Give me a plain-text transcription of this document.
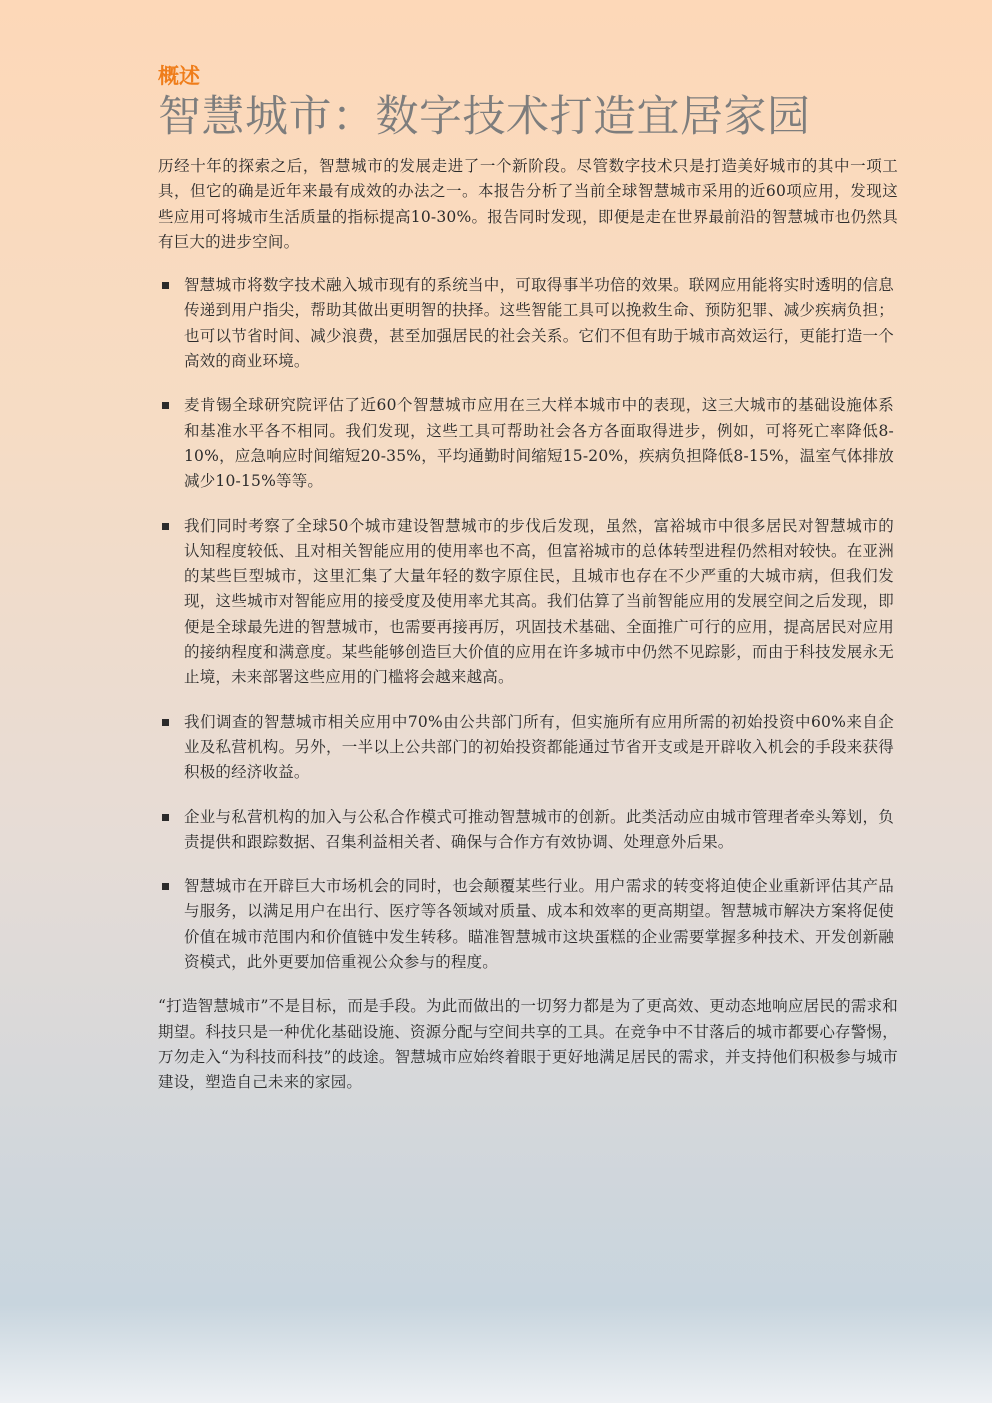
概述
智慧城市：数字技术打造宜居家园

历经十年的探索之后，智慧城市的发展走进了一个新阶段。尽管数字技术只是打造美好城市的其中一项工具，但它的确是近年来最有成效的办法之一。本报告分析了当前全球智慧城市采用的近60项应用，发现这些应用可将城市生活质量的指标提高10-30%。报告同时发现，即便是走在世界最前沿的智慧城市也仍然具有巨大的进步空间。

智慧城市将数字技术融入城市现有的系统当中，可取得事半功倍的效果。联网应用能将实时透明的信息传递到用户指尖，帮助其做出更明智的抉择。这些智能工具可以挽救生命、预防犯罪、减少疾病负担；也可以节省时间、减少浪费，甚至加强居民的社会关系。它们不但有助于城市高效运行，更能打造一个高效的商业环境。

麦肯锡全球研究院评估了近60个智慧城市应用在三大样本城市中的表现，这三大城市的基础设施体系和基准水平各不相同。我们发现，这些工具可帮助社会各方各面取得进步，例如，可将死亡率降低8-10%，应急响应时间缩短20-35%，平均通勤时间缩短15-20%，疾病负担降低8-15%，温室气体排放减少10-15%等等。

我们同时考察了全球50个城市建设智慧城市的步伐后发现，虽然，富裕城市中很多居民对智慧城市的认知程度较低、且对相关智能应用的使用率也不高，但富裕城市的总体转型进程仍然相对较快。在亚洲的某些巨型城市，这里汇集了大量年轻的数字原住民，且城市也存在不少严重的大城市病，但我们发现，这些城市对智能应用的接受度及使用率尤其高。我们估算了当前智能应用的发展空间之后发现，即便是全球最先进的智慧城市，也需要再接再厉，巩固技术基础、全面推广可行的应用，提高居民对应用的接纳程度和满意度。某些能够创造巨大价值的应用在许多城市中仍然不见踪影，而由于科技发展永无止境，未来部署这些应用的门槛将会越来越高。

我们调查的智慧城市相关应用中70%由公共部门所有，但实施所有应用所需的初始投资中60%来自企业及私营机构。另外，一半以上公共部门的初始投资都能通过节省开支或是开辟收入机会的手段来获得积极的经济收益。

企业与私营机构的加入与公私合作模式可推动智慧城市的创新。此类活动应由城市管理者牵头筹划，负责提供和跟踪数据、召集利益相关者、确保与合作方有效协调、处理意外后果。

智慧城市在开辟巨大市场机会的同时，也会颠覆某些行业。用户需求的转变将迫使企业重新评估其产品与服务，以满足用户在出行、医疗等各领域对质量、成本和效率的更高期望。智慧城市解决方案将促使价值在城市范围内和价值链中发生转移。瞄准智慧城市这块蛋糕的企业需要掌握多种技术、开发创新融资模式，此外更要加倍重视公众参与的程度。

“打造智慧城市”不是目标，而是手段。为此而做出的一切努力都是为了更高效、更动态地响应居民的需求和期望。科技只是一种优化基础设施、资源分配与空间共享的工具。在竞争中不甘落后的城市都要心存警惕，万勿走入“为科技而科技”的歧途。智慧城市应始终着眼于更好地满足居民的需求，并支持他们积极参与城市建设，塑造自己未来的家园。
